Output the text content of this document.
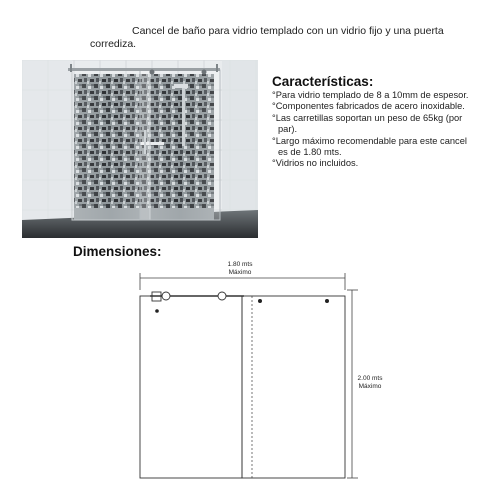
Cancel de baño para vidrio templado con un vidrio fijo y una puerta corrediza.
Características:
°Para vidrio templado de 8 a 10mm de espesor.
°Componentes fabricados de acero inoxidable.
°Las carretillas soportan un peso de 65kg (por par).
°Largo máximo recomendable para este cancel es de 1.80 mts.
°Vidrios no incluidos.
Dimensiones:
1.80 mts
Máximo
2.00 mts
Máximo
